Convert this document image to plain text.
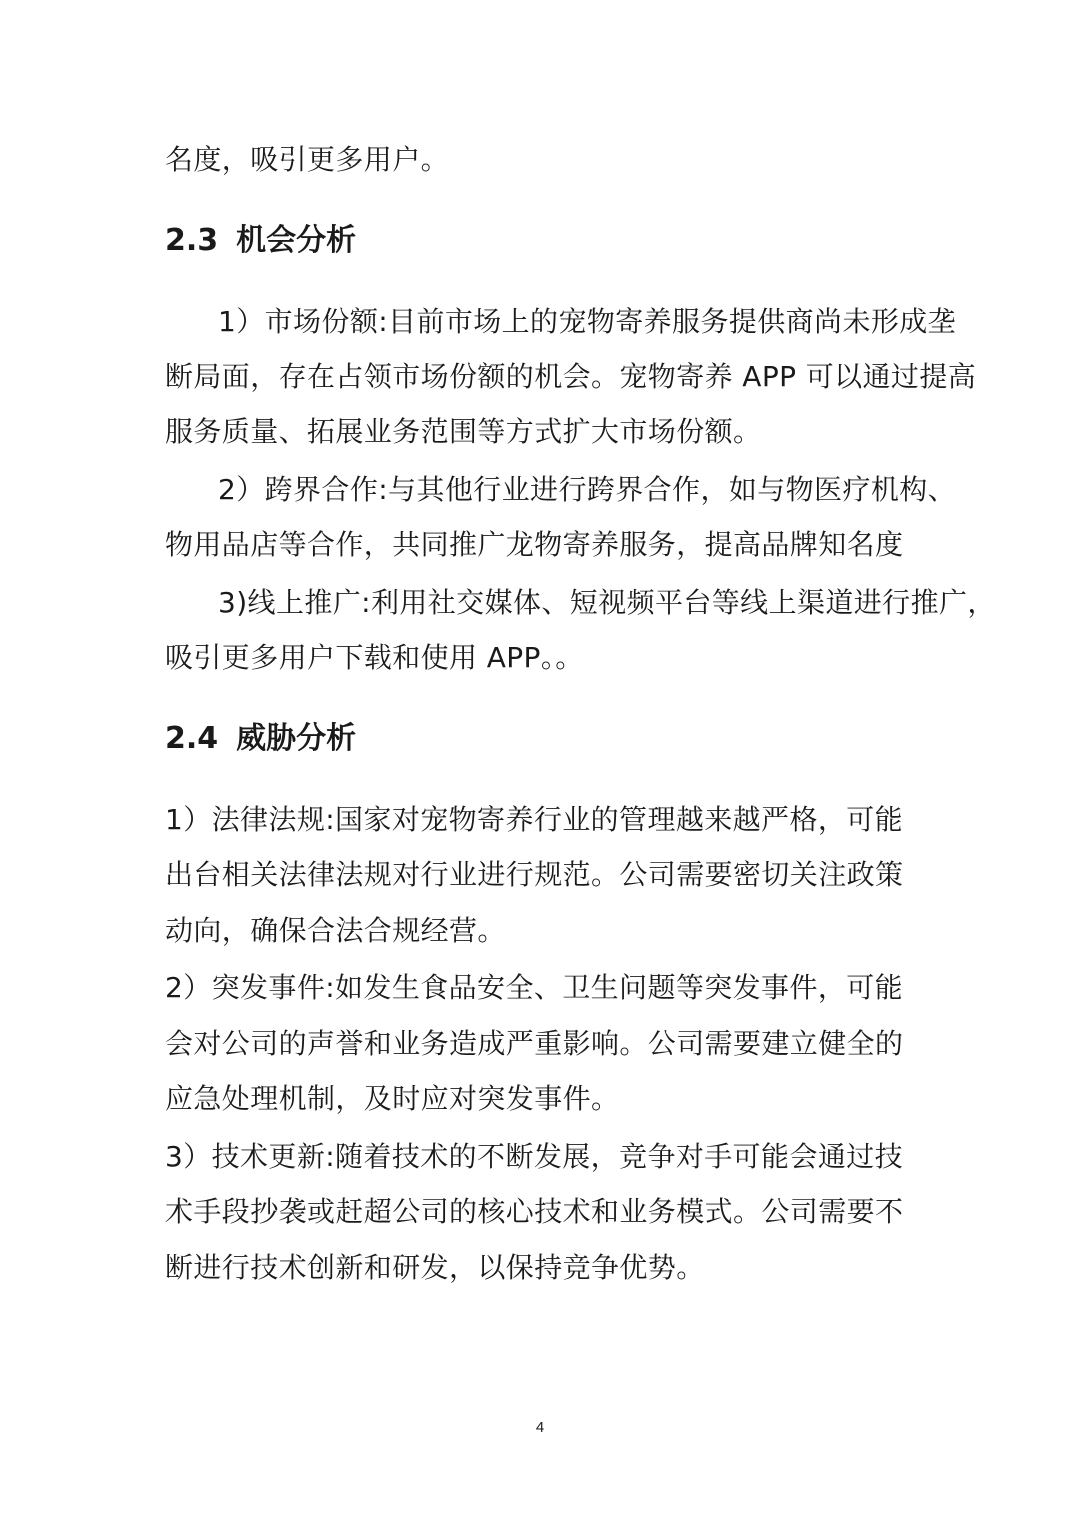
名度，吸引更多用户。
2.3 机会分析
1）市场份额:目前市场上的宠物寄养服务提供商尚未形成垄
断局面，存在占领市场份额的机会。宠物寄养 APP 可以通过提高
服务质量、拓展业务范围等方式扩大市场份额。
2）跨界合作:与其他行业进行跨界合作，如与物医疗机构、
物用品店等合作，共同推广龙物寄养服务，提高品牌知名度
3)线上推广:利用社交媒体、短视频平台等线上渠道进行推广，
吸引更多用户下载和使用 APP。。
2.4 威胁分析
1）法律法规:国家对宠物寄养行业的管理越来越严格，可能
出台相关法律法规对行业进行规范。公司需要密切关注政策
动向，确保合法合规经营。
2）突发事件:如发生食品安全、卫生问题等突发事件，可能
会对公司的声誉和业务造成严重影响。公司需要建立健全的
应急处理机制，及时应对突发事件。
3）技术更新:随着技术的不断发展，竞争对手可能会通过技
术手段抄袭或赶超公司的核心技术和业务模式。公司需要不
断进行技术创新和研发，以保持竞争优势。
4
